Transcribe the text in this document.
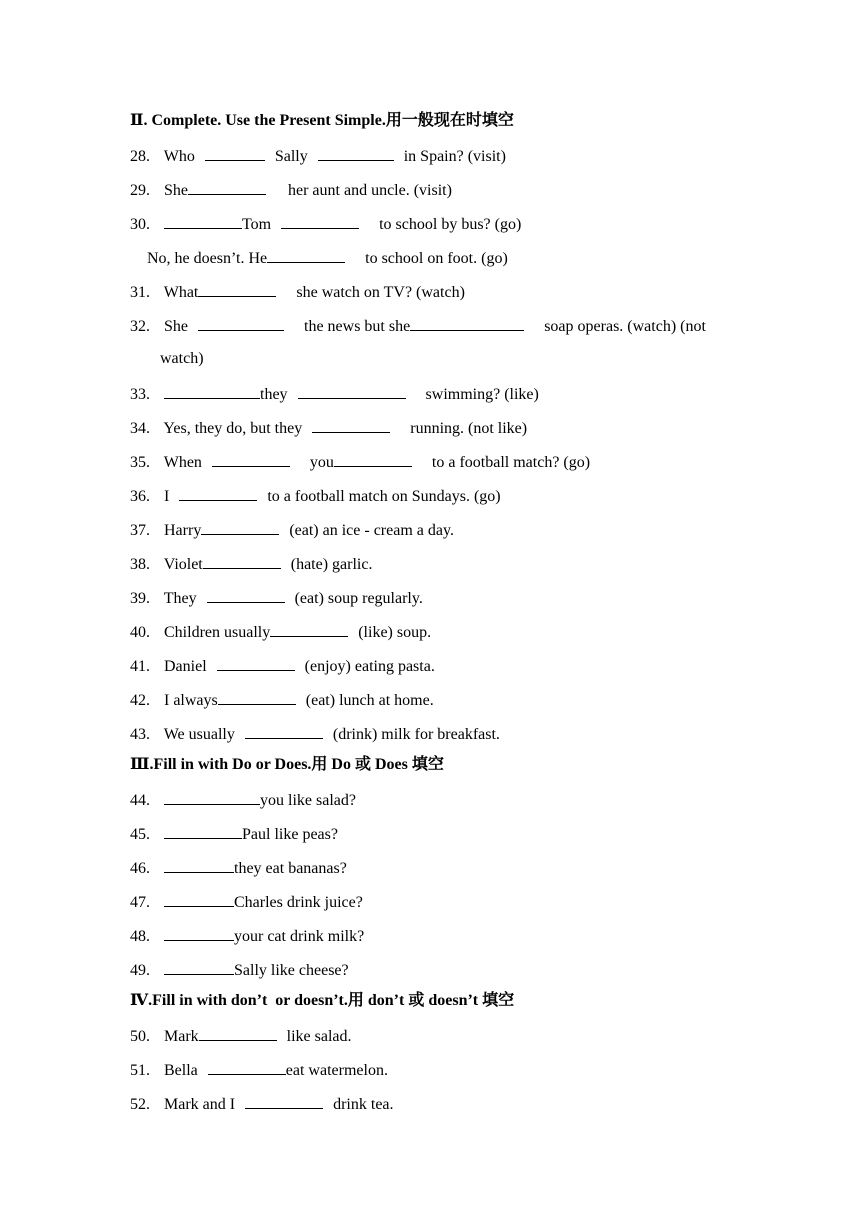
Ⅱ. Complete. Use the Present Simple.用一般现在时填空
28. Who	Sally	in Spain? (visit)
29. She	her aunt and uncle. (visit)
30.	Tom	to school by bus? (go)
No, he doesn’t. He	to school on foot. (go)
31. What	she watch on TV? (watch)
32. She	the news but she	soap operas. (watch) (not
watch)
33.	they	swimming? (like)
34. Yes, they do, but they	running. (not like)
35. When	you	to a football match? (go)
36. I	to a football match on Sundays. (go)
37. Harry	(eat) an ice - cream a day.
38. Violet	(hate) garlic.
39. They	(eat) soup regularly.
40. Children usually	(like) soup.
41. Daniel	(enjoy) eating pasta.
42. I always	(eat) lunch at home.
43. We usually	(drink) milk for breakfast.
Ⅲ.Fill in with Do or Does.用 Do 或 Does 填空
44.	you like salad?
45.	Paul like peas?
46.	they eat bananas?
47.	Charles drink juice?
48.	your cat drink milk?
49.	Sally like cheese?
Ⅳ.Fill in with don’t  or doesn’t.用 don’t 或 doesn’t 填空
50. Mark	like salad.
51. Bella	eat watermelon.
52. Mark and I	drink tea.
